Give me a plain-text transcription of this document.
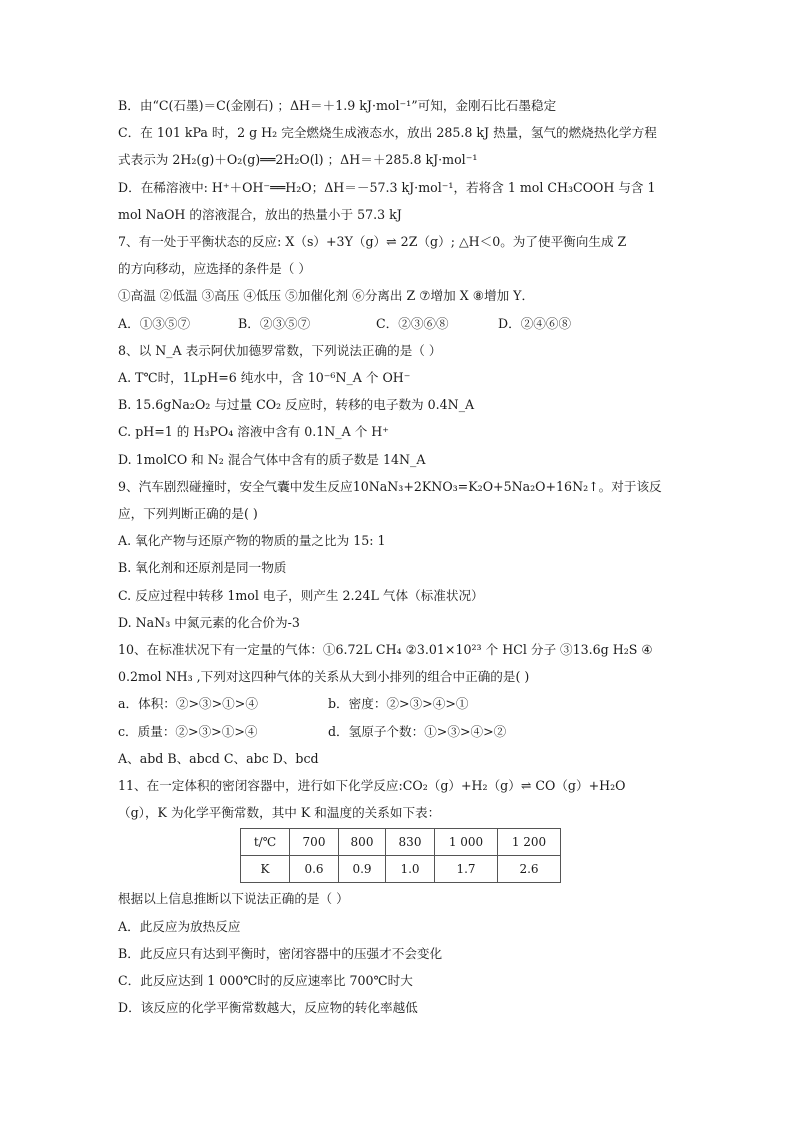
B．由“C(石墨)＝C(金刚石) ；ΔH＝＋1.9 kJ·mol⁻¹”可知，金刚石比石墨稳定
C．在 101 kPa 时，2 g H₂ 完全燃烧生成液态水，放出 285.8 kJ 热量，氢气的燃烧热化学方程
式表示为 2H₂(g)＋O₂(g)══2H₂O(l) ；ΔH＝＋285.8 kJ·mol⁻¹
D．在稀溶液中: H⁺＋OH⁻══H₂O；ΔH＝－57.3 kJ·mol⁻¹，若将含 1 mol CH₃COOH 与含 1
mol NaOH 的溶液混合，放出的热量小于 57.3 kJ
7、有一处于平衡状态的反应: X（s）+3Y（g）⇌ 2Z（g）; △H＜0。为了使平衡向生成 Z
的方向移动，应选择的条件是（ ）
①高温 ②低温 ③高压 ④低压 ⑤加催化剂 ⑥分离出 Z ⑦增加 X ⑧增加 Y．
A．①③⑤⑦	B．②③⑤⑦	C．②③⑥⑧	D．②④⑥⑧
8、以 N_A 表示阿伏加德罗常数，下列说法正确的是（ ）
A. T℃时，1LpH=6 纯水中，含 10⁻⁶N_A 个 OH⁻
B. 15.6gNa₂O₂ 与过量 CO₂ 反应时，转移的电子数为 0.4N_A
C. pH=1 的 H₃PO₄ 溶液中含有 0.1N_A 个 H⁺
D. 1molCO 和 N₂ 混合气体中含有的质子数是 14N_A
9、汽车剧烈碰撞时，安全气囊中发生反应10NaN₃+2KNO₃=K₂O+5Na₂O+16N₂↑。对于该反
应，下列判断正确的是( )
A. 氧化产物与还原产物的物质的量之比为 15: 1
B. 氧化剂和还原剂是同一物质
C. 反应过程中转移 1mol 电子，则产生 2.24L 气体（标准状况）
D. NaN₃ 中氮元素的化合价为-3
10、在标准状况下有一定量的气体：①6.72L CH₄ ②3.01×10²³ 个 HCl 分子 ③13.6g H₂S ④
0.2mol NH₃ ,下列对这四种气体的关系从大到小排列的组合中正确的是( )
a．体积：②>③>①>④	b．密度：②>③>④>①
c．质量：②>③>①>④	d．氢原子个数：①>③>④>②
A、abd B、abcd C、abc D、bcd
11、在一定体积的密闭容器中，进行如下化学反应:CO₂（g）+H₂（g）⇌ CO（g）+H₂O
（g），K 为化学平衡常数，其中 K 和温度的关系如下表：
t/℃	700	800	830	1 000	1 200
K	0.6	0.9	1.0	1.7	2.6
根据以上信息推断以下说法正确的是（ ）
A．此反应为放热反应
B．此反应只有达到平衡时，密闭容器中的压强才不会变化
C．此反应达到 1 000℃时的反应速率比 700℃时大
D．该反应的化学平衡常数越大，反应物的转化率越低
